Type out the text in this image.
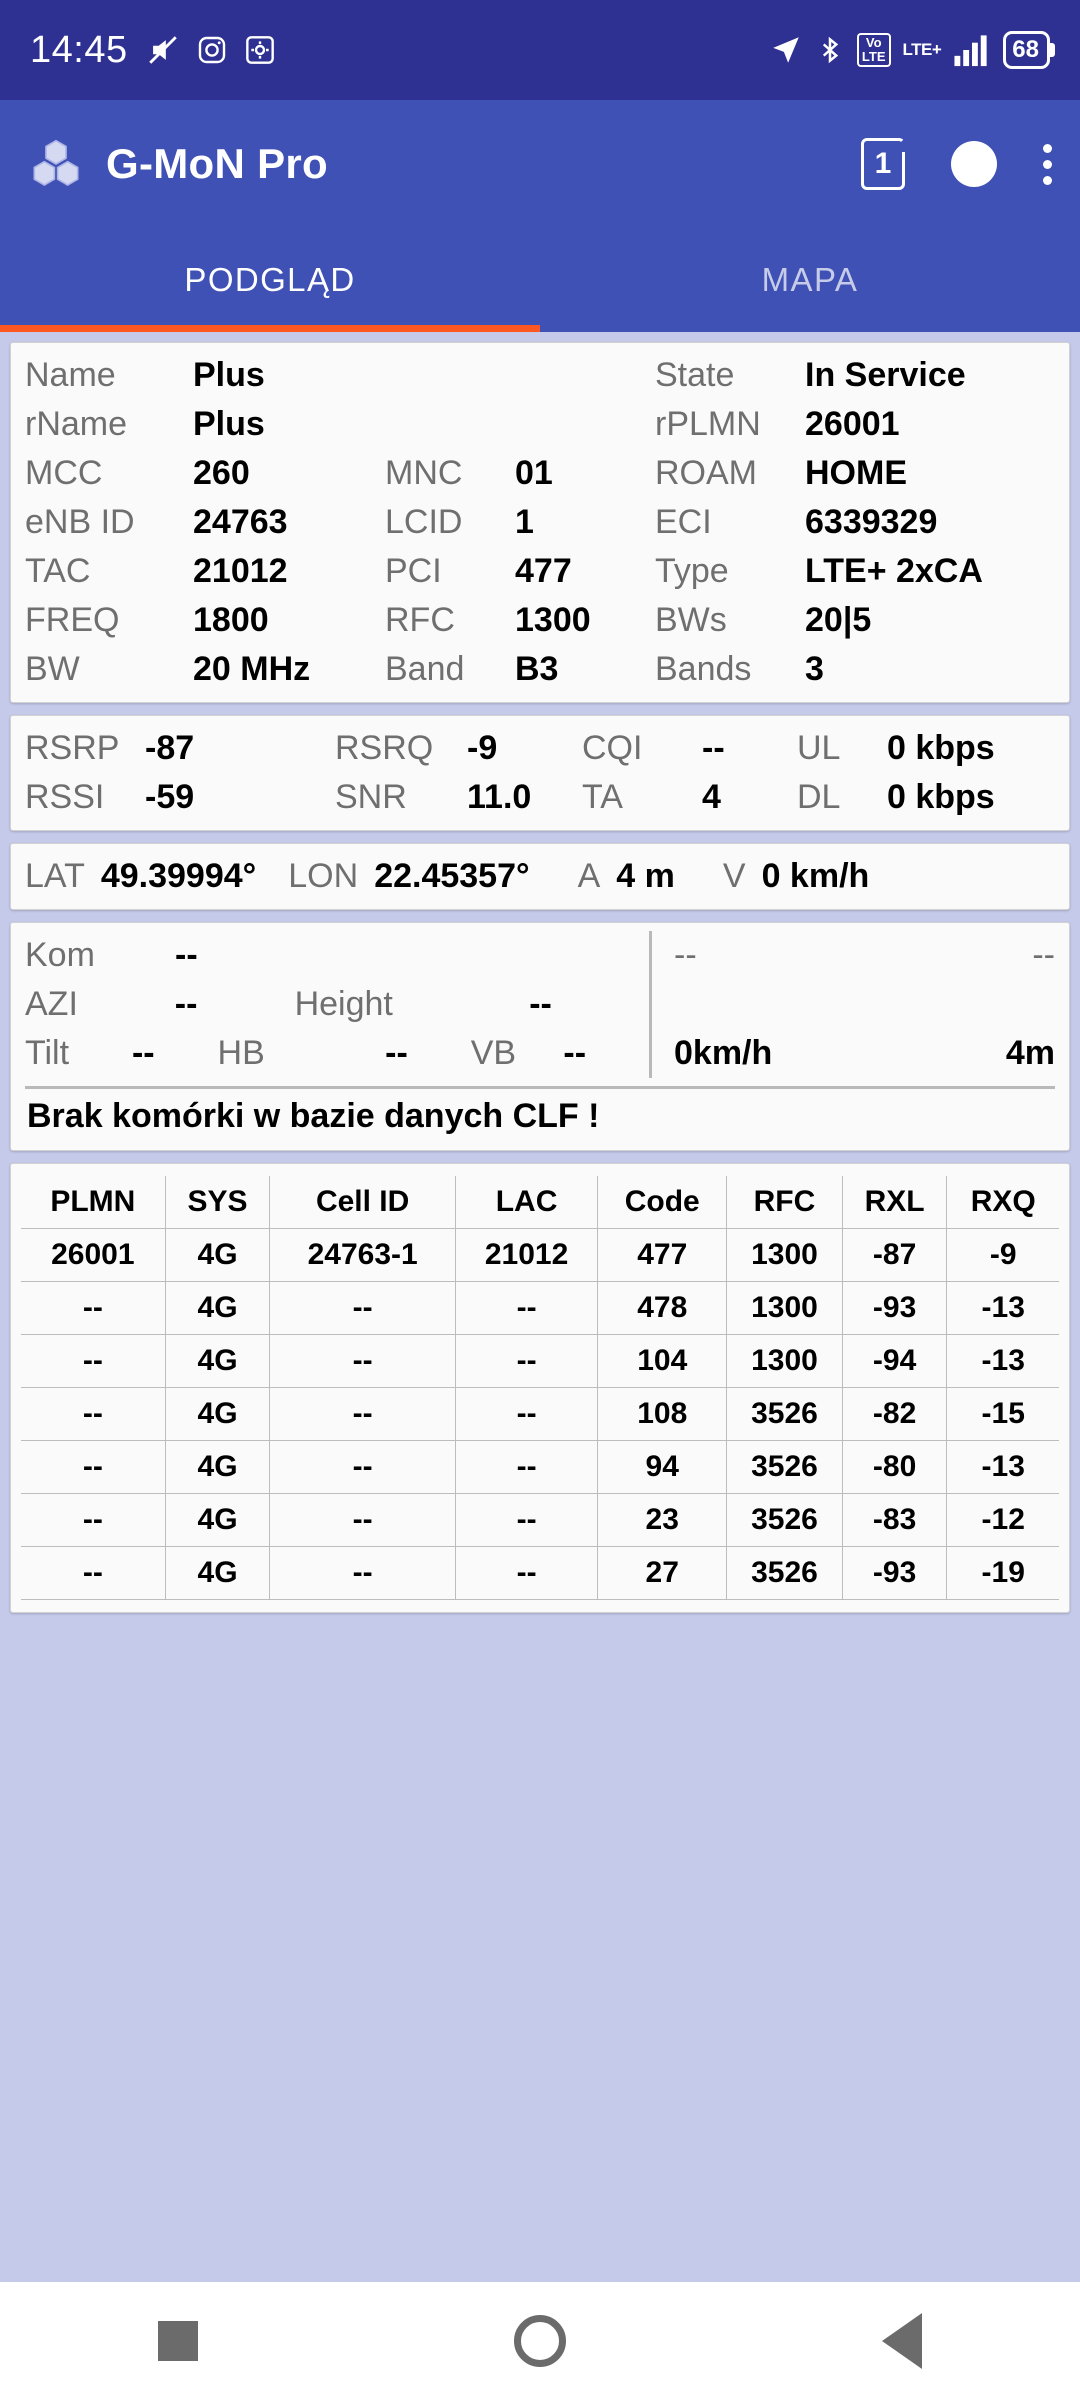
14:45	Vo
LTE LTE+	68
G-MoN Pro	1
PODGLĄD	MAPA
Name	Plus	State	In Service
rName	Plus	rPLMN	26001
MCC	260	MNC	01	ROAM	HOME
eNB ID	24763	LCID	1	ECI	6339329
TAC	21012	PCI	477	Type	LTE+ 2xCA
FREQ	1800	RFC	1300	BWs	20|5
BW	20 MHz	Band	B3	Bands	3
RSRP -87	RSRQ -9	CQI	--	UL	0 kbps
RSSI	-59	SNR	11.0	TA	4	DL	0 kbps
LAT 49.39994° LON 22.45357° A 4 m V 0 km/h
Kom	--
AZI	--	Height	--
Tilt	--	HB	--	VB	--
--	--
0km/h	4m
Brak komórki w bazie danych CLF !
PLMN	SYS	Cell ID	LAC	Code	RFC	RXL	RXQ
26001	4G	24763-1	21012	477	1300	-87	-9
--	4G	--	--	478	1300	-93	-13
--	4G	--	--	104	1300	-94	-13
--	4G	--	--	108	3526	-82	-15
--	4G	--	--	94	3526	-80	-13
--	4G	--	--	23	3526	-83	-12
--	4G	--	--	27	3526	-93	-19
